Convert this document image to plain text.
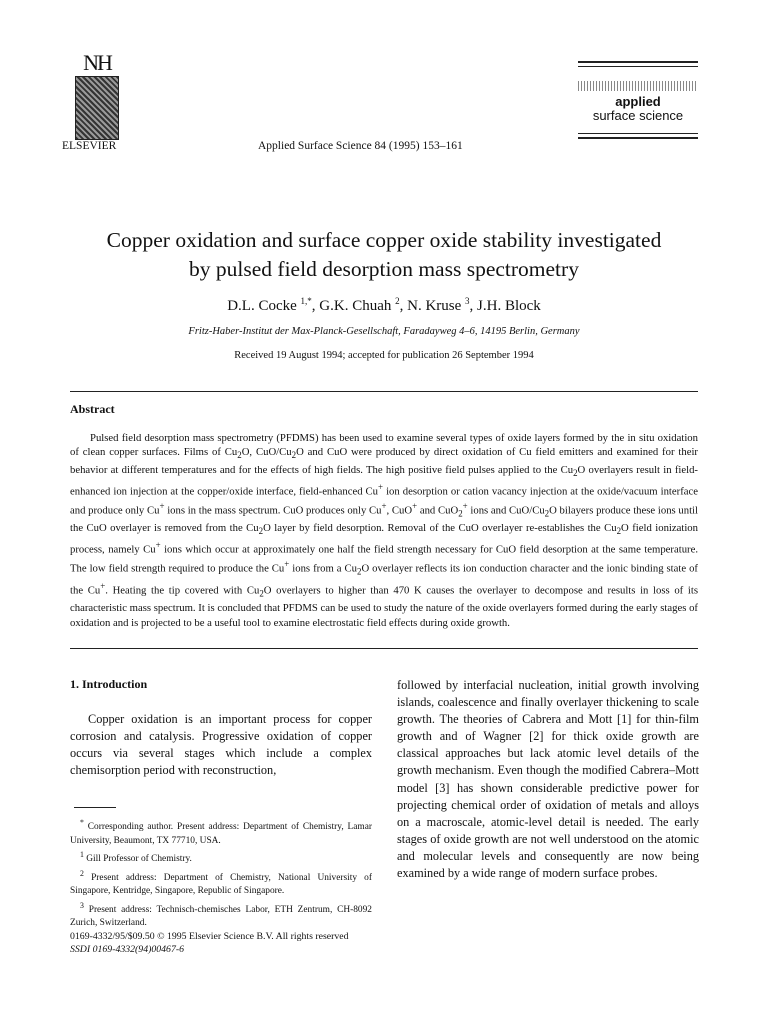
NH
ELSEVIER	Applied Surface Science 84 (1995) 153–161
applied
surface science
Copper oxidation and surface copper oxide stability investigated
by pulsed field desorption mass spectrometry
D.L. Cocke $^{1,*}$, G.K. Chuah $^2$, N. Kruse $^3$, J.H. Block
Fritz-Haber-Institut der Max-Planck-Gesellschaft, Faradayweg 4–6, 14195 Berlin, Germany
Received 19 August 1994; accepted for publication 26 September 1994
Abstract
Pulsed field desorption mass spectrometry (PFDMS) has been used to examine several types of oxide layers formed by the in situ oxidation of clean copper surfaces. Films of $Cu_2O$, CuO/$Cu_2O$ and CuO were produced by direct oxidation of Cu field emitters and examined for their behavior at different temperatures and for the effects of high fields. The high positive field pulses applied to the $Cu_2O$ overlayers result in field-enhanced ion injection at the copper/oxide interface, field-enhanced Cu+ ion desorption or cation vacancy injection at the oxide/vacuum interface and produce only Cu+ ions in the mass spectrum. CuO produces only Cu+, CuO+ and CuO$_2$+ ions and CuO/$Cu_2O$ bilayers produce these ions until the CuO overlayer is removed from the $Cu_2O$ layer by field desorption. Removal of the CuO overlayer re-establishes the $Cu_2O$ field ionization process, namely Cu+ ions which occur at approximately one half the field strength necessary for CuO field desorption at the same temperature. The low field strength required to produce the Cu+ ions from a $Cu_2O$ overlayer reflects its ion conduction character and the ionic binding state of the Cu+. Heating the tip covered with $Cu_2O$ overlayers to higher than 470 K causes the overlayer to decompose and results in loss of its characteristic mass spectrum. It is concluded that PFDMS can be used to study the nature of the oxide overlayers formed during the early stages of oxidation and is projected to be a useful tool to examine electrostatic field effects during oxide growth.
1. Introduction

Copper oxidation is an important process for copper corrosion and catalysis. Progressive oxidation of copper occurs via several stages which include a complex chemisorption period with reconstruction,

* Corresponding author. Present address: Department of Chemistry, Lamar University, Beaumont, TX 77710, USA.

$^1$ Gill Professor of Chemistry.

$^2$ Present address: Department of Chemistry, National University of Singapore, Kentridge, Singapore, Republic of Singapore.

$^3$ Present address: Technisch-chemisches Labor, ETH Zentrum, CH-8092 Zurich, Switzerland.

followed by interfacial nucleation, initial growth involving islands, coalescence and finally overlayer thickening to scale growth. The theories of Cabrera and Mott [1] for thin-film growth and of Wagner [2] for thick oxide growth are classical approaches but lack atomic level details of the growth mechanism. Even though the modified Cabrera–Mott model [3] has shown considerable predictive power for projecting chemical order of oxidation of metals and alloys on a macroscale, atomic-level detail is needed. The early stages of oxide growth are not well understood on the atomic and molecular levels and consequently are now being examined by a wide range of modern surface probes.

0169-4332/95/$09.50 © 1995 Elsevier Science B.V. All rights reserved
SSDI 0169-4332(94)00467-6
